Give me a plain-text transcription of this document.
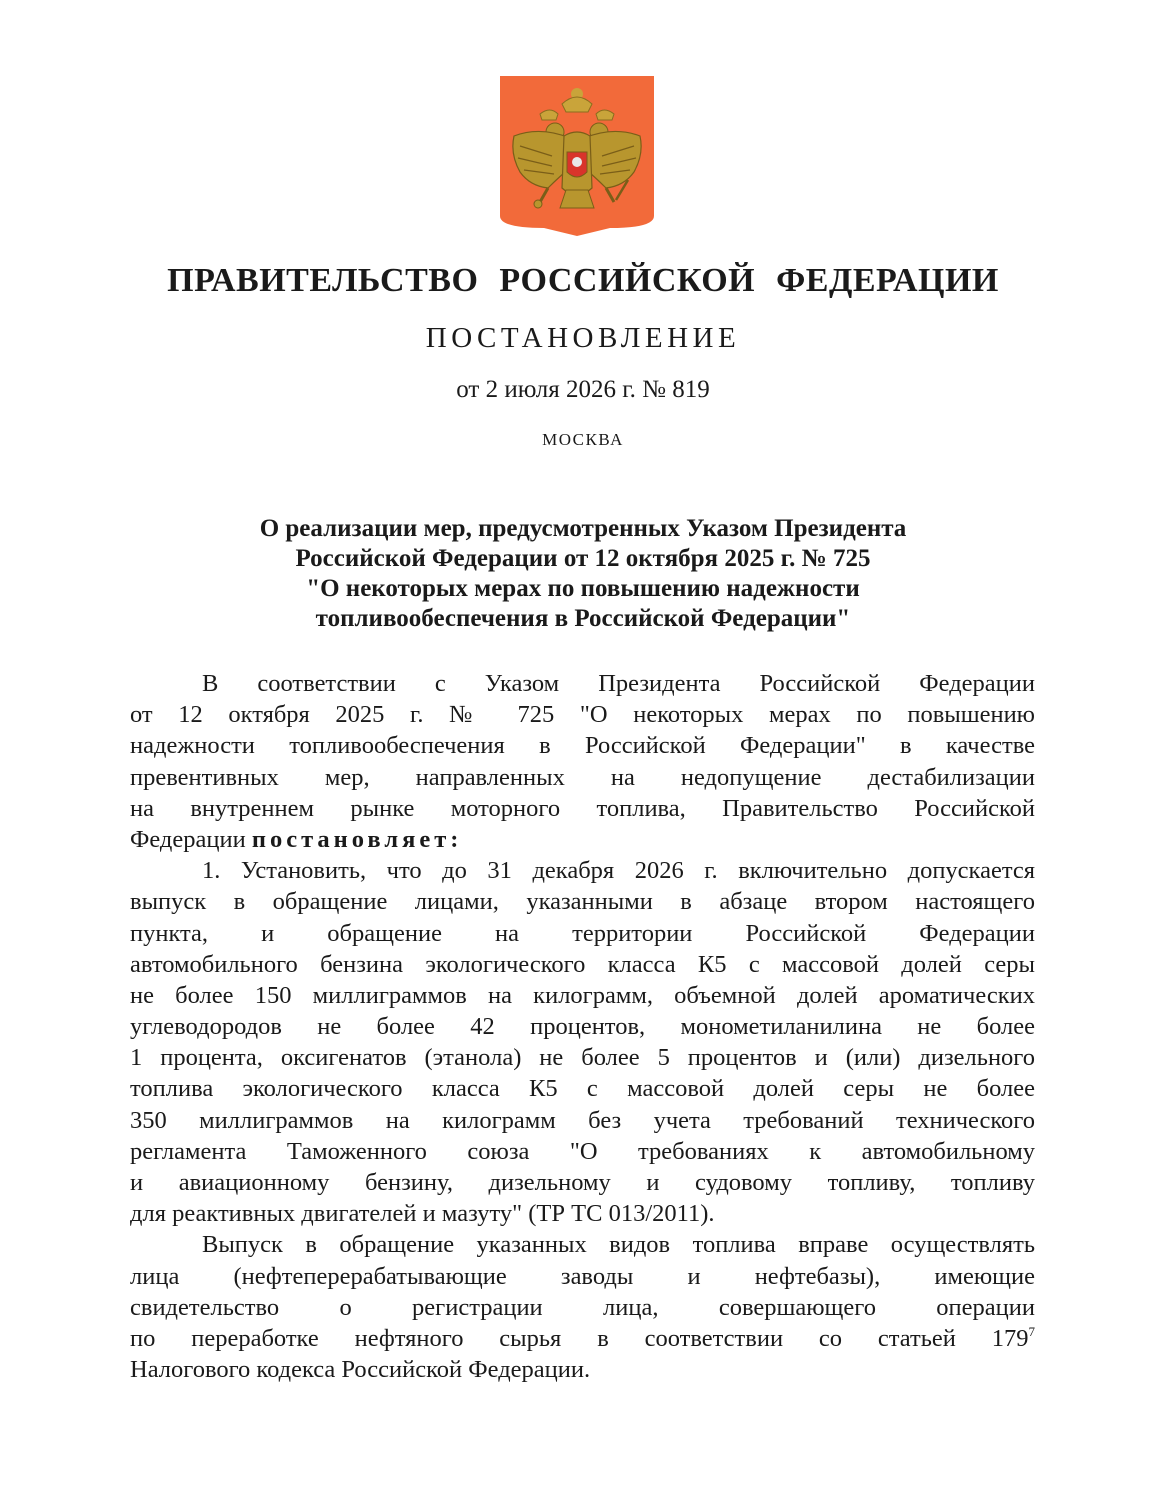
ПРАВИТЕЛЬСТВО РОССИЙСКОЙ ФЕДЕРАЦИИ
ПОСТАНОВЛЕНИЕ
от 2 июля 2026 г. № 819
МОСКВА
О реализации мер, предусмотренных Указом Президента
Российской Федерации от 12 октября 2025 г. № 725
"О некоторых мерах по повышению надежности
топливообеспечения в Российской Федерации"
В соответствии с Указом Президента Российской Федерации
от 12 октября 2025 г. № 725 "О некоторых мерах по повышению
надежности топливообеспечения в Российской Федерации" в качестве
превентивных мер, направленных на недопущение дестабилизации
на внутреннем рынке моторного топлива, Правительство Российской
Федерации постановляет:
1. Установить, что до 31 декабря 2026 г. включительно допускается
выпуск в обращение лицами, указанными в абзаце втором настоящего
пункта, и обращение на территории Российской Федерации
автомобильного бензина экологического класса К5 с массовой долей серы
не более 150 миллиграммов на килограмм, объемной долей ароматических
углеводородов не более 42 процентов, монометиланилина не более
1 процента, оксигенатов (этанола) не более 5 процентов и (или) дизельного
топлива экологического класса К5 с массовой долей серы не более
350 миллиграммов на килограмм без учета требований технического
регламента Таможенного союза "О требованиях к автомобильному
и авиационному бензину, дизельному и судовому топливу, топливу
для реактивных двигателей и мазуту" (ТР ТС 013/2011).
Выпуск в обращение указанных видов топлива вправе осуществлять
лица (нефтеперерабатывающие заводы и нефтебазы), имеющие
свидетельство о регистрации лица, совершающего операции
по переработке нефтяного сырья в соответствии со статьей $179^7$
Налогового кодекса Российской Федерации.
